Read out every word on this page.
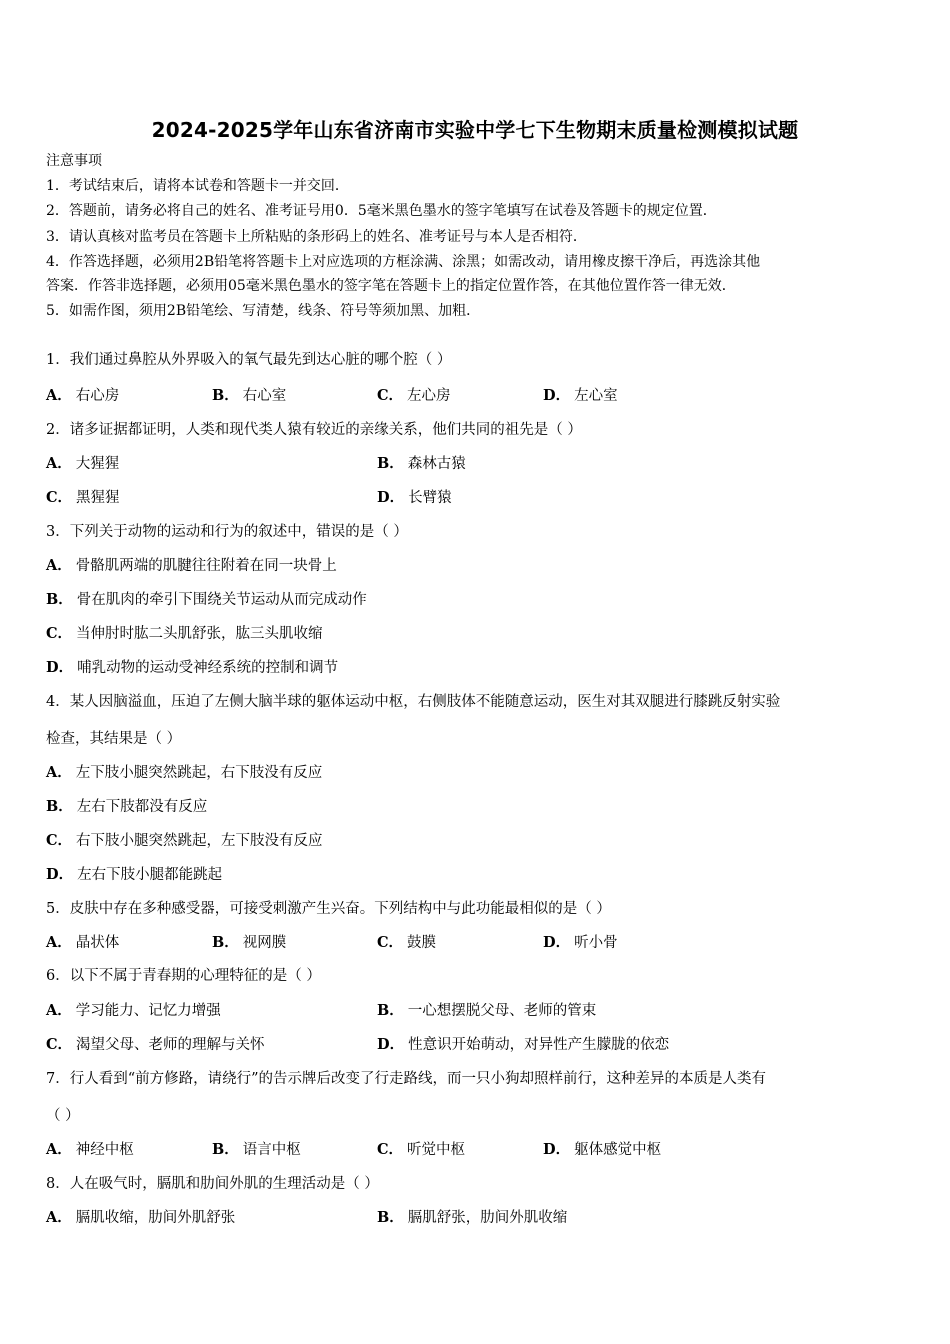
2024-2025学年山东省济南市实验中学七下生物期末质量检测模拟试题
注意事项
1．考试结束后，请将本试卷和答题卡一并交回．
2．答题前，请务必将自己的姓名、准考证号用0．5毫米黑色墨水的签字笔填写在试卷及答题卡的规定位置．
3．请认真核对监考员在答题卡上所粘贴的条形码上的姓名、准考证号与本人是否相符．
4．作答选择题，必须用2B铅笔将答题卡上对应选项的方框涂满、涂黑；如需改动，请用橡皮擦干净后，再选涂其他
答案．作答非选择题，必须用05毫米黑色墨水的签字笔在答题卡上的指定位置作答，在其他位置作答一律无效．
5．如需作图，须用2B铅笔绘、写清楚，线条、符号等须加黑、加粗．
1．我们通过鼻腔从外界吸入的氧气最先到达心脏的哪个腔（ ）
A． 右心房	B． 右心室	C． 左心房	D． 左心室
2．诸多证据都证明，人类和现代类人猿有较近的亲缘关系，他们共同的祖先是（ ）
A． 大猩猩	B． 森林古猿
C． 黑猩猩	D． 长臂猿
3．下列关于动物的运动和行为的叙述中，错误的是（ ）
A． 骨骼肌两端的肌腱往往附着在同一块骨上
B． 骨在肌肉的牵引下围绕关节运动从而完成动作
C． 当伸肘时肱二头肌舒张，肱三头肌收缩
D． 哺乳动物的运动受神经系统的控制和调节
4．某人因脑溢血，压迫了左侧大脑半球的躯体运动中枢，右侧肢体不能随意运动，医生对其双腿进行膝跳反射实验
检查，其结果是（ ）
A． 左下肢小腿突然跳起，右下肢没有反应
B． 左右下肢都没有反应
C． 右下肢小腿突然跳起，左下肢没有反应
D． 左右下肢小腿都能跳起
5．皮肤中存在多种感受器，可接受刺激产生兴奋。下列结构中与此功能最相似的是（ ）
A． 晶状体	B． 视网膜	C． 鼓膜	D． 听小骨
6．以下不属于青春期的心理特征的是（ ）
A． 学习能力、记忆力增强	B． 一心想摆脱父母、老师的管束
C． 渴望父母、老师的理解与关怀	D． 性意识开始萌动，对异性产生朦胧的依恋
7．行人看到“前方修路，请绕行”的告示牌后改变了行走路线，而一只小狗却照样前行，这种差异的本质是人类有
（ ）
A． 神经中枢	B． 语言中枢	C． 听觉中枢	D． 躯体感觉中枢
8．人在吸气时，膈肌和肋间外肌的生理活动是（ ）
A． 膈肌收缩，肋间外肌舒张	B． 膈肌舒张，肋间外肌收缩
